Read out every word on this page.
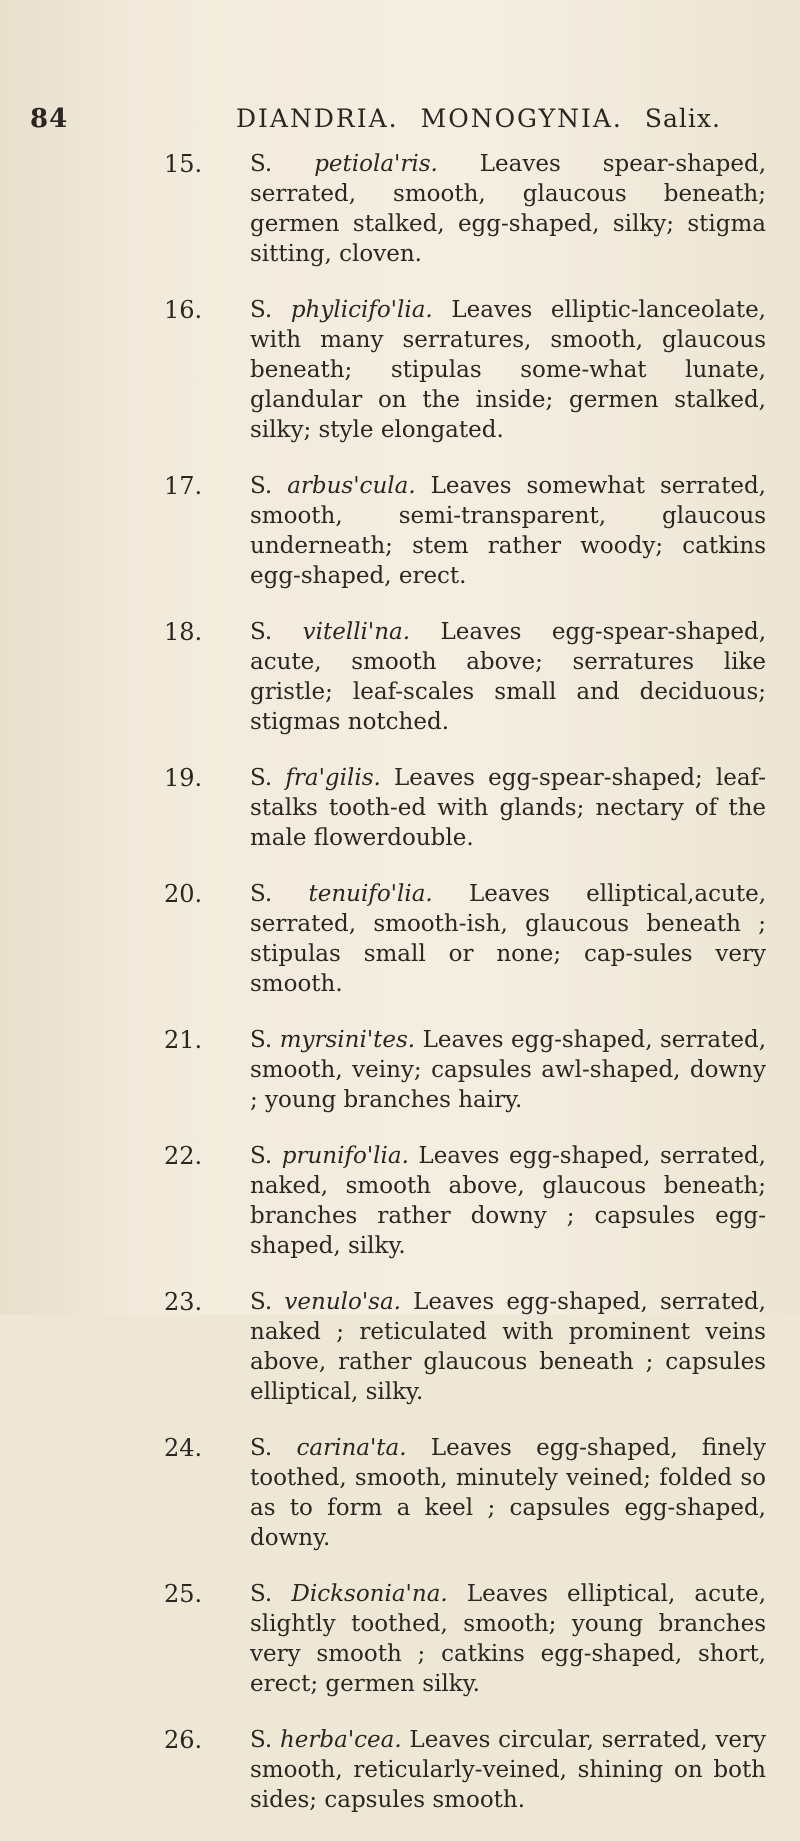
84	DIANDRIA. MONOGYNIA. Salix.
15. S. petiola'ris. Leaves spear-shaped, serrated, smooth, glaucous beneath; germen stalked, egg-shaped, silky; stigma sitting, cloven.
16. S. phylicifo'lia. Leaves elliptic-lanceolate, with many serratures, smooth, glaucous beneath; stipulas some-what lunate, glandular on the inside; germen stalked, silky; style elongated.
17. S. arbus'cula. Leaves somewhat serrated, smooth, semi-transparent, glaucous underneath; stem rather woody; catkins egg-shaped, erect.
18. S. vitelli'na. Leaves egg-spear-shaped, acute, smooth above; serratures like gristle; leaf-scales small and deciduous; stigmas notched.
19. S. fra'gilis. Leaves egg-spear-shaped; leaf-stalks tooth-ed with glands; nectary of the male flowerdouble.
20. S. tenuifo'lia. Leaves elliptical,acute, serrated, smooth-ish, glaucous beneath ; stipulas small or none; cap-sules very smooth.
21. S. myrsini'tes. Leaves egg-shaped, serrated, smooth, veiny; capsules awl-shaped, downy ; young branches hairy.
22. S. prunifo'lia. Leaves egg-shaped, serrated, naked, smooth above, glaucous beneath; branches rather downy ; capsules egg-shaped, silky.
23. S. venulo'sa. Leaves egg-shaped, serrated, naked ; reticulated with prominent veins above, rather glaucous beneath ; capsules elliptical, silky.
24. S. carina'ta. Leaves egg-shaped, finely toothed, smooth, minutely veined; folded so as to form a keel ; capsules egg-shaped, downy.
25. S. Dicksonia'na. Leaves elliptical, acute, slightly toothed, smooth; young branches very smooth ; catkins egg-shaped, short, erect; germen silky.
26. S. herba'cea. Leaves circular, serrated, very smooth, reticularly-veined, shining on both sides; capsules smooth.
